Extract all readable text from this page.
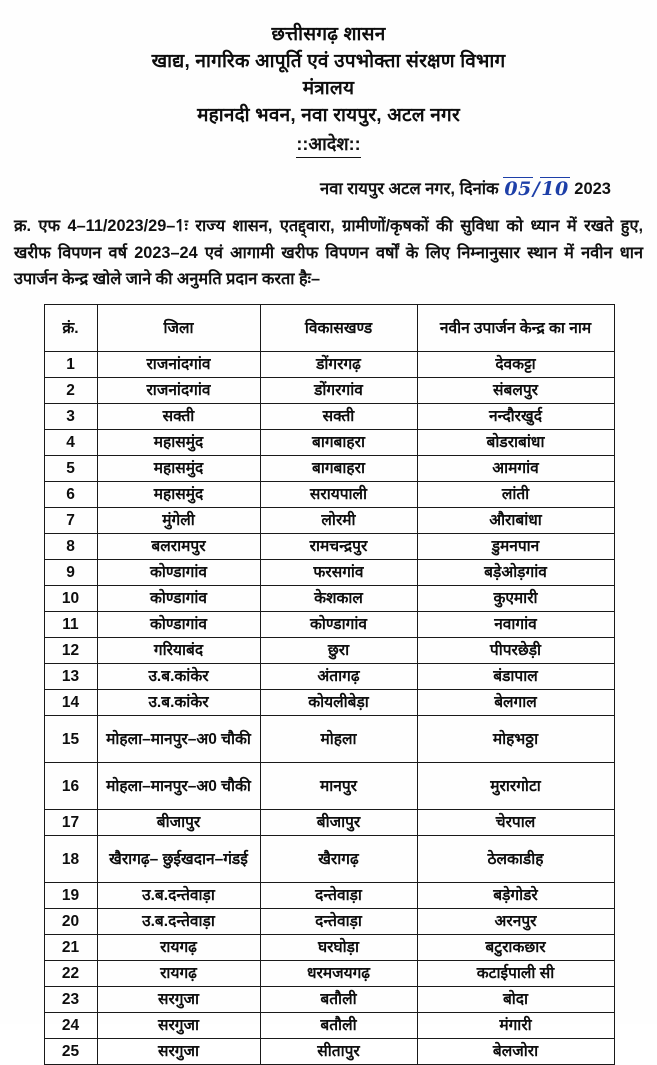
छत्तीसगढ़ शासन
खाद्य, नागरिक आपूर्ति एवं उपभोक्ता संरक्षण विभाग
मंत्रालय
महानदी भवन, नवा रायपुर, अटल नगर
::आदेश::
नवा रायपुर अटल नगर, दिनांक 05/10 2023

क्र. एफ 4–11/2023/29–1ः राज्य शासन, एतद्द्वारा, ग्रामीणों/कृषकों की सुविधा को ध्यान में रखते हुए, खरीफ विपणन वर्ष 2023–24 एवं आगामी खरीफ विपणन वर्षों के लिए निम्नानुसार स्थान में नवीन धान उपार्जन केन्द्र खोले जाने की अनुमति प्रदान करता हैः–

क्रं.	जिला	विकासखण्ड	नवीन उपार्जन केन्द्र का नाम
1	राजनांदगांव	डोंगरगढ़	देवकट्टा
2	राजनांदगांव	डोंगरगांव	संबलपुर
3	सक्ती	सक्ती	नन्दौरखुर्द
4	महासमुंद	बागबाहरा	बोडराबांधा
5	महासमुंद	बागबाहरा	आमगांव
6	महासमुंद	सरायपाली	लांती
7	मुंगेली	लोरमी	औराबांधा
8	बलरामपुर	रामचन्द्रपुर	डुमनपान
9	कोण्डागांव	फरसगांव	बड़ेओड़गांव
10	कोण्डागांव	केशकाल	कुएमारी
11	कोण्डागांव	कोण्डागांव	नवागांव
12	गरियाबंद	छुरा	पीपरछेड़ी
13	उ.ब.कांकेर	अंतागढ़	बंडापाल
14	उ.ब.कांकेर	कोयलीबेड़ा	बेलगाल
15	मोहला–मानपुर–अ0 चौकी	मोहला	मोहभठ्ठा
16	मोहला–मानपुर–अ0 चौकी	मानपुर	मुरारगोटा
17	बीजापुर	बीजापुर	चेरपाल
18	खैरागढ़– छुईखदान–गंडई	खैरागढ़	ठेलकाडीह
19	उ.ब.दन्तेवाड़ा	दन्तेवाड़ा	बड़ेगोडरे
20	उ.ब.दन्तेवाड़ा	दन्तेवाड़ा	अरनपुर
21	रायगढ़	घरघोड़ा	बटुराकछार
22	रायगढ़	धरमजयगढ़	कटाईपाली सी
23	सरगुजा	बतौली	बोदा
24	सरगुजा	बतौली	मंगारी
25	सरगुजा	सीतापुर	बेलजोरा
